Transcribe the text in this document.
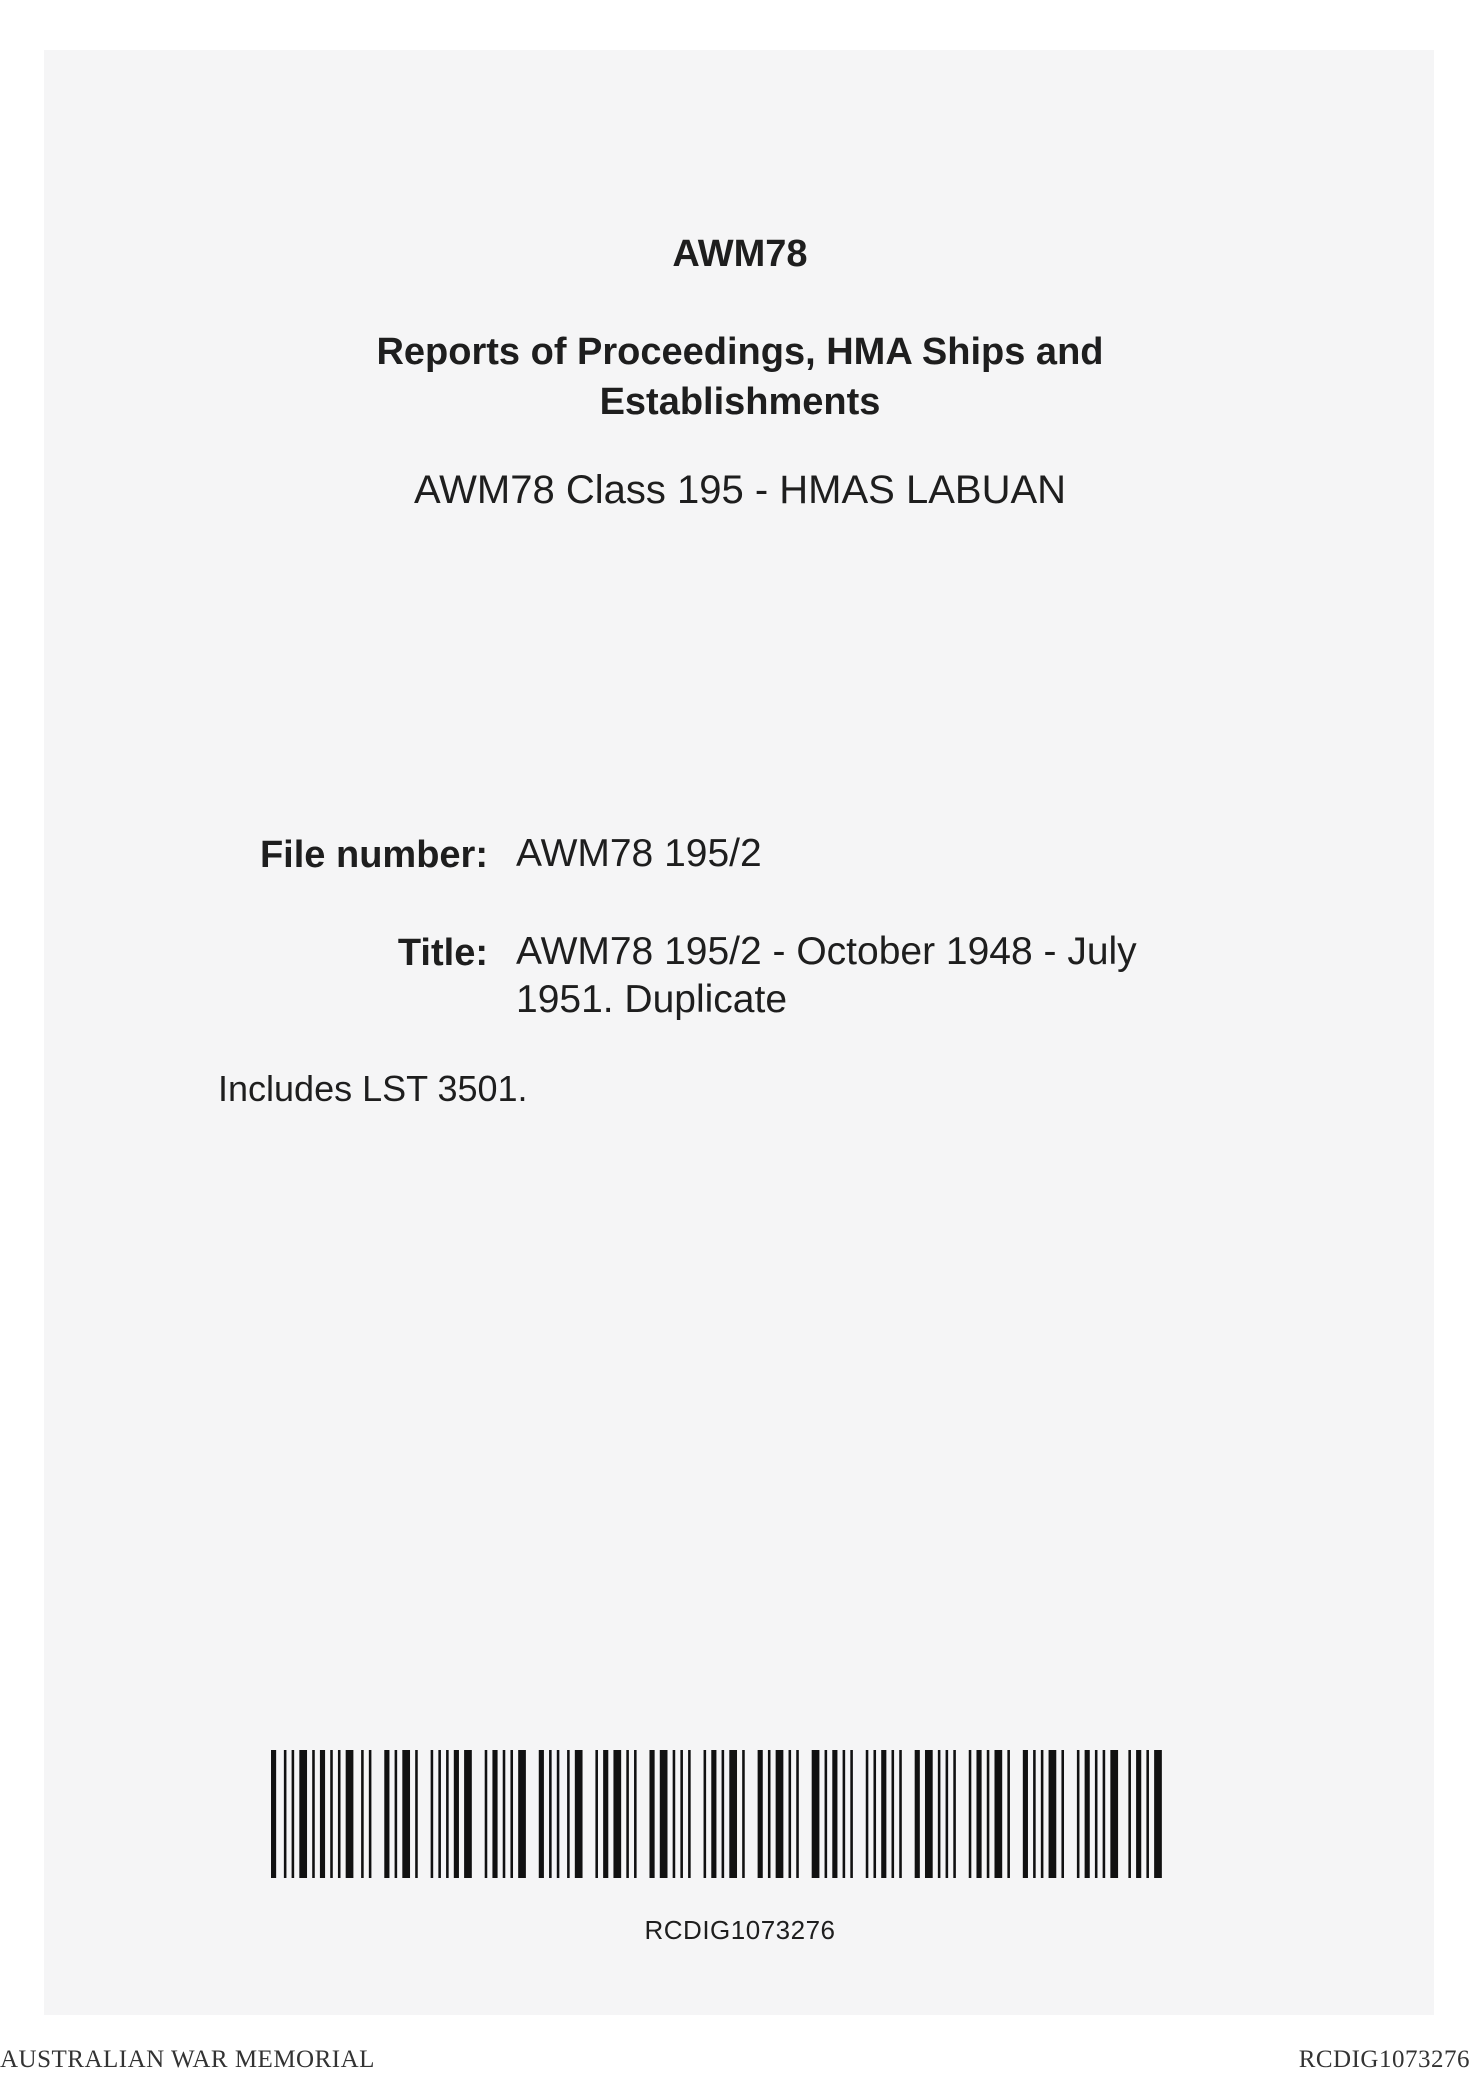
AWM78
Reports of Proceedings, HMA Ships and
Establishments
AWM78 Class 195 - HMAS LABUAN
File number: AWM78 195/2
Title: AWM78 195/2 - October 1948 - July
1951. Duplicate
Includes LST 3501.
RCDIG1073276
AUSTRALIAN WAR MEMORIAL	RCDIG1073276
